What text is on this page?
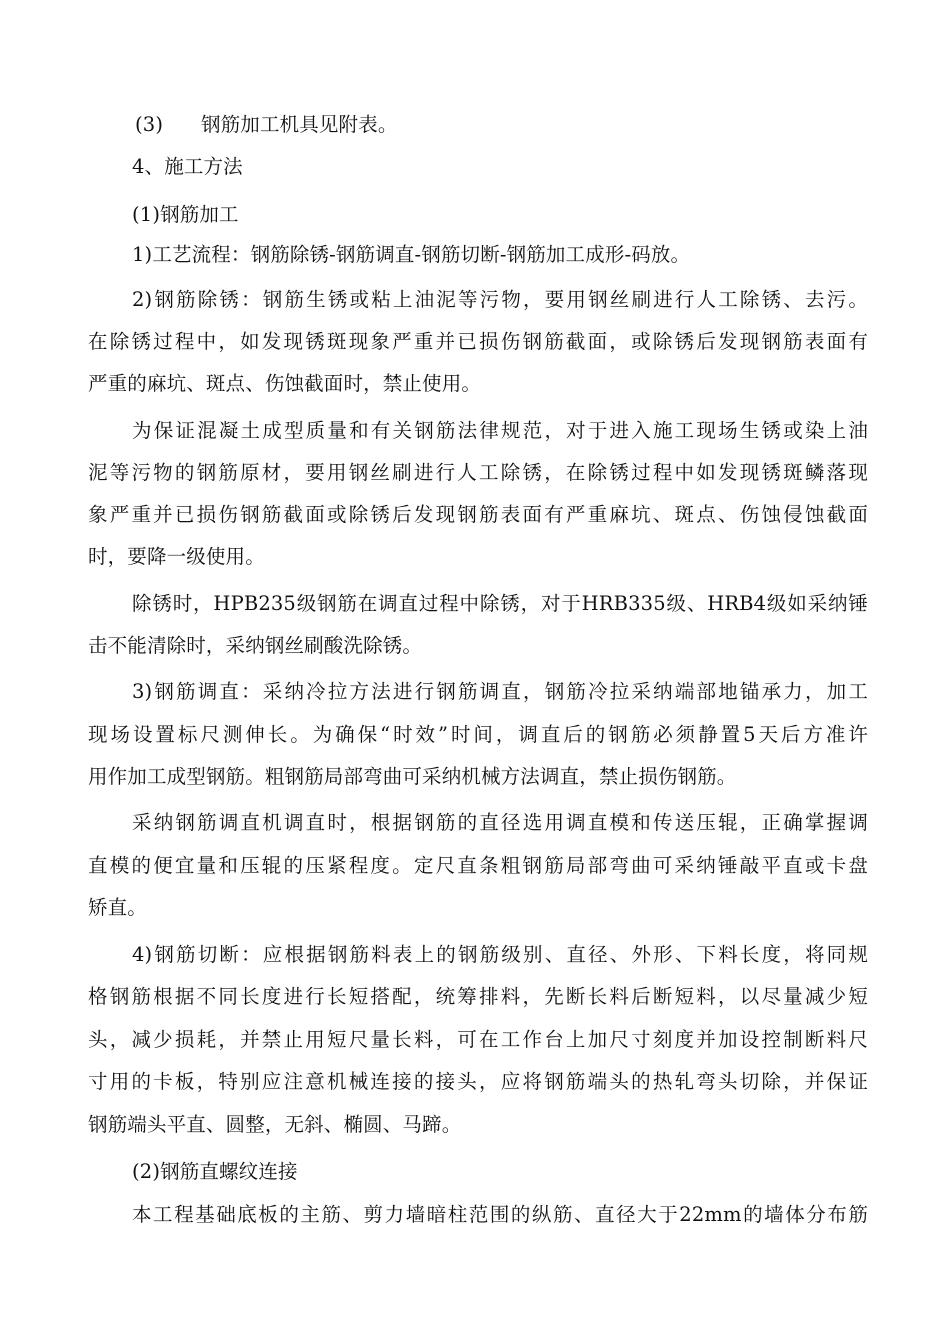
(3) 钢筋加工机具见附表。
4、施工方法
(1)钢筋加工
1)工艺流程：钢筋除锈-钢筋调直-钢筋切断-钢筋加工成形-码放。
2)钢筋除锈：钢筋生锈或粘上油泥等污物，要用钢丝刷进行人工除锈、去污。
在除锈过程中，如发现锈斑现象严重并已损伤钢筋截面，或除锈后发现钢筋表面有
严重的麻坑、斑点、伤蚀截面时，禁止使用。
为保证混凝土成型质量和有关钢筋法律规范，对于进入施工现场生锈或染上油
泥等污物的钢筋原材，要用钢丝刷进行人工除锈，在除锈过程中如发现锈斑鳞落现
象严重并已损伤钢筋截面或除锈后发现钢筋表面有严重麻坑、斑点、伤蚀侵蚀截面
时，要降一级使用。
除锈时，HPB235级钢筋在调直过程中除锈，对于HRB335级、HRB4级如采纳锤
击不能清除时，采纳钢丝刷酸洗除锈。
3)钢筋调直：采纳冷拉方法进行钢筋调直，钢筋冷拉采纳端部地锚承力，加工
现场设置标尺测伸长。为确保“时效”时间，调直后的钢筋必须静置5天后方准许
用作加工成型钢筋。粗钢筋局部弯曲可采纳机械方法调直，禁止损伤钢筋。
采纳钢筋调直机调直时，根据钢筋的直径选用调直模和传送压辊，正确掌握调
直模的便宜量和压辊的压紧程度。定尺直条粗钢筋局部弯曲可采纳锤敲平直或卡盘
矫直。
4)钢筋切断：应根据钢筋料表上的钢筋级别、直径、外形、下料长度，将同规
格钢筋根据不同长度进行长短搭配，统筹排料，先断长料后断短料，以尽量减少短
头，减少损耗，并禁止用短尺量长料，可在工作台上加尺寸刻度并加设控制断料尺
寸用的卡板，特别应注意机械连接的接头，应将钢筋端头的热轧弯头切除，并保证
钢筋端头平直、圆整，无斜、椭圆、马蹄。
(2)钢筋直螺纹连接
本工程基础底板的主筋、剪力墙暗柱范围的纵筋、直径大于22mm的墙体分布筋
